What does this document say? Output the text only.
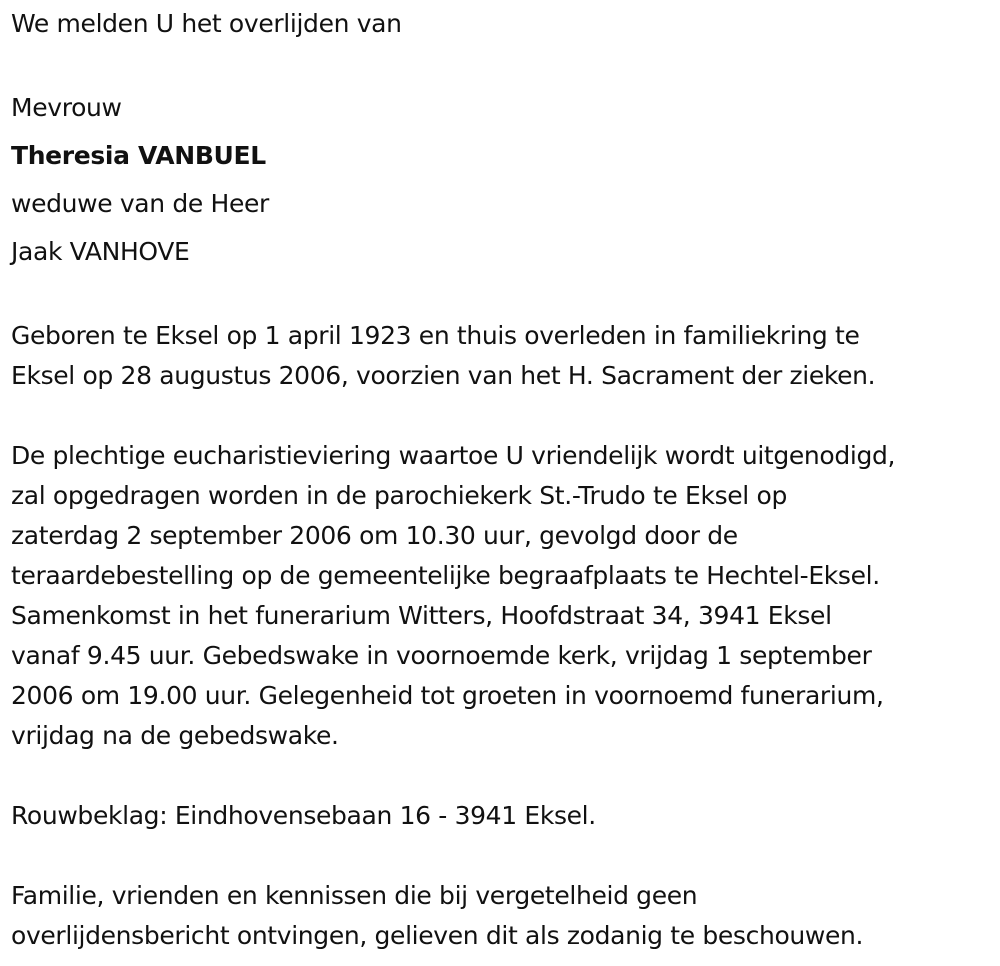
We melden U het overlijden van

Mevrouw

Theresia VANBUEL

weduwe van de Heer

Jaak VANHOVE

Geboren te Eksel op 1 april 1923 en thuis overleden in familiekring te

Eksel op 28 augustus 2006, voorzien van het H. Sacrament der zieken.

De plechtige eucharistieviering waartoe U vriendelijk wordt uitgenodigd,

zal opgedragen worden in de parochiekerk St.-Trudo te Eksel op

zaterdag 2 september 2006 om 10.30 uur, gevolgd door de

teraardebestelling op de gemeentelijke begraafplaats te Hechtel-Eksel.

Samenkomst in het funerarium Witters, Hoofdstraat 34, 3941 Eksel

vanaf 9.45 uur. Gebedswake in voornoemde kerk, vrijdag 1 september

2006 om 19.00 uur. Gelegenheid tot groeten in voornoemd funerarium,

vrijdag na de gebedswake.

Rouwbeklag: Eindhovensebaan 16 - 3941 Eksel.

Familie, vrienden en kennissen die bij vergetelheid geen

overlijdensbericht ontvingen, gelieven dit als zodanig te beschouwen.
